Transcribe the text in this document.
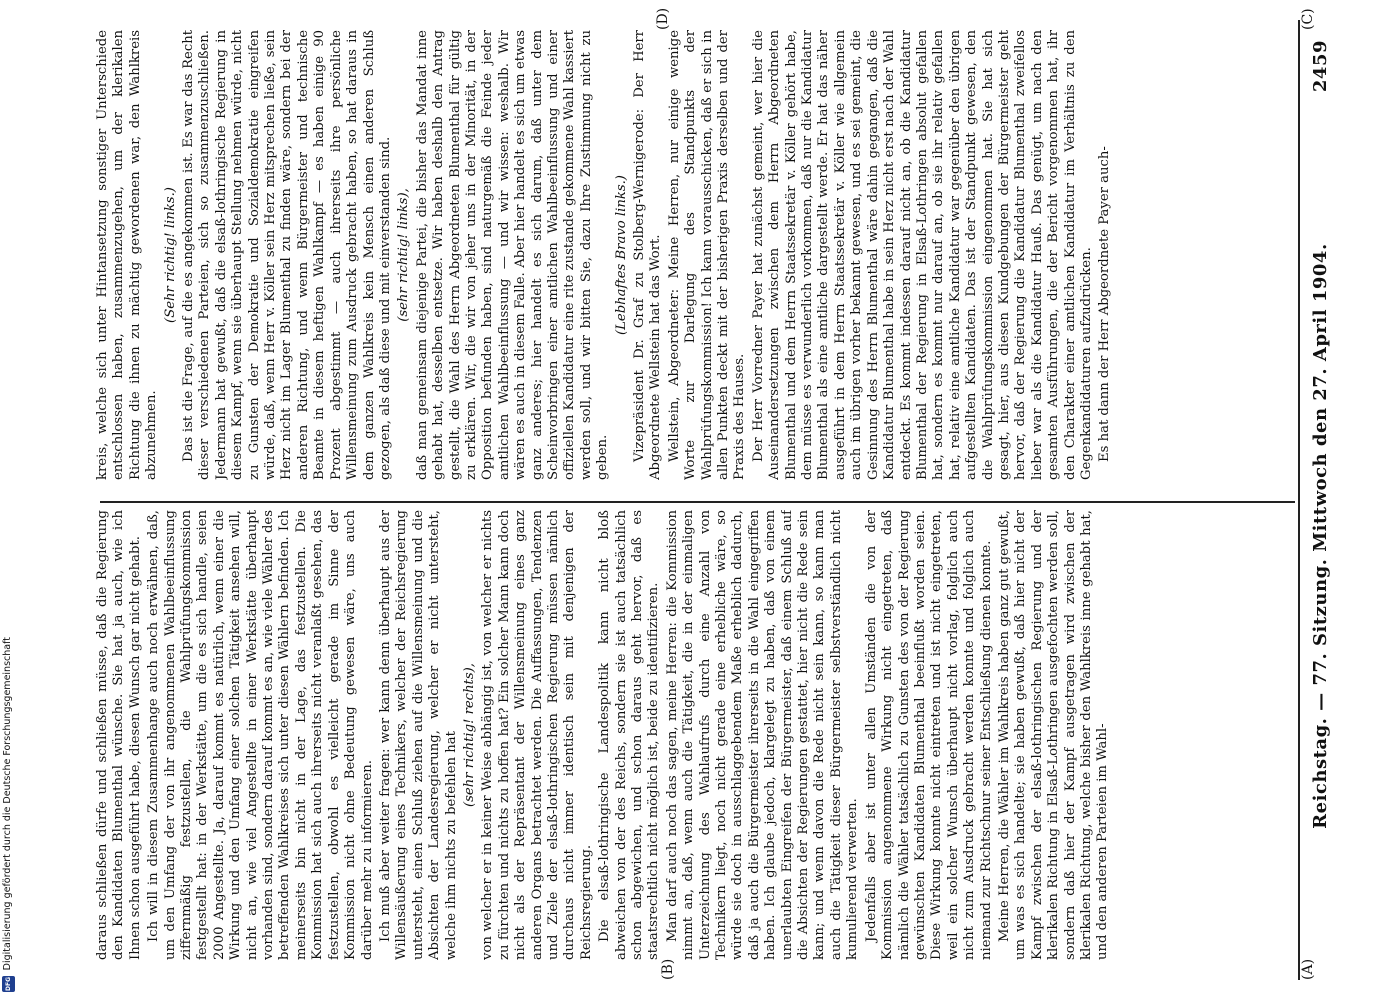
Reichstag. — 77. Sitzung. Mittwoch den 27. April 1904.
2459
(A)
(B)
(C)
(D)

daraus schließen dürfe und schließen müsse, daß die Regierung den Kandidaten Blumenthal wünsche. Sie hat ja auch, wie ich Ihnen schon ausgeführt habe, diesen Wunsch gar nicht gehabt. Ich will in diesem Zusammenhange auch noch erwähnen, daß, um den Umfang der von ihr angenommenen Wahlbeeinflussung ziffernmäßig festzustellen, die Wahlprüfungskommission festgestellt hat: in der Werkstätte, um die es sich handle, seien 2000 Angestellte. Ja, darauf kommt es natürlich, wenn einer die Wirkung und den Umfang einer solchen Tätigkeit ansehen will, nicht an, wie viel Angestellte in einer Werkstätte überhaupt vorhanden sind, sondern darauf kommt es an, wie viele Wähler des betreffenden Wahlkreises sich unter diesen Wählern befinden. Ich meinerseits bin nicht in der Lage, das festzustellen. Die Kommission hat sich auch ihrerseits nicht veranlaßt gesehen, das festzustellen, obwohl es vielleicht gerade im Sinne der Kommission nicht ohne Bedeutung gewesen wäre, uns auch darüber mehr zu informieren. Ich muß aber weiter fragen: wer kann denn überhaupt aus der Willensäußerung eines Technikers, welcher der Reichsregierung untersteht, einen Schluß ziehen auf die Willensmeinung und die Absichten der Landesregierung, welcher er nicht untersteht, welche ihm nichts zu befehlen hat (sehr richtig! rechts), von welcher er in keiner Weise abhängig ist, von welcher er nichts zu fürchten und nichts zu hoffen hat? Ein solcher Mann kann doch nicht als der Repräsentant der Willensmeinung eines ganz anderen Organs betrachtet werden. Die Auffassungen, Tendenzen und Ziele der elsaß-lothringischen Regierung müssen nämlich durchaus nicht immer identisch sein mit denjenigen der Reichsregierung. Die elsaß-lothringische Landespolitik kann nicht bloß abweichen von der des Reichs, sondern sie ist auch tatsächlich schon abgewichen, und schon daraus geht hervor, daß es staatsrechtlich nicht möglich ist, beide zu identifizieren. Man darf auch noch das sagen, meine Herren: die Kommission nimmt an, daß, wenn auch die Tätigkeit, die in der einmaligen Unterzeichnung des Wahlaufrufs durch eine Anzahl von Technikern liegt, noch nicht gerade eine erhebliche wäre, so würde sie doch in ausschlaggebendem Maße erheblich dadurch, daß ja auch die Bürgermeister ihrerseits in die Wahl eingegriffen haben. Ich glaube jedoch, klargelegt zu haben, daß von einem unerlaubten Eingreifen der Bürgermeister, daß einem Schluß auf die Absichten der Regierungen gestattet, hier nicht die Rede sein kann; und wenn davon die Rede nicht sein kann, so kann man auch die Tätigkeit dieser Bürgermeister selbstverständlich nicht kumulierend verwerten. Jedenfalls aber ist unter allen Umständen die von der Kommission angenommene Wirkung nicht eingetreten, daß nämlich die Wähler tatsächlich zu Gunsten des von der Regierung gewünschten Kandidaten Blumenthal beeinflußt worden seien. Diese Wirkung konnte nicht eintreten und ist nicht eingetreten, weil ein solcher Wunsch überhaupt nicht vorlag, folglich auch nicht zum Ausdruck gebracht werden konnte und folglich auch niemand zur Richtschnur seiner Entschließung dienen konnte. Meine Herren, die Wähler im Wahlkreis haben ganz gut gewußt, um was es sich handelte; sie haben gewußt, daß hier nicht der Kampf zwischen der elsaß-lothringischen Regierung und der klerikalen Richtung in Elsaß-Lothringen ausgefochten werden soll, sondern daß hier der Kampf ausgetragen wird zwischen der klerikalen Richtung, welche bisher den Wahlkreis inne gehabt hat, und den anderen Parteien im Wahl-

kreis, welche sich unter Hintansetzung sonstiger Unterschiede entschlossen haben, zusammenzugehen, um der klerikalen Richtung die ihnen zu mächtig gewordenen war, den Wahlkreis abzunehmen.

(Sehr richtig! links.) Das ist die Frage, auf die es angekommen ist. Es war das Recht dieser verschiedenen Parteien, sich so zusammenzuschließen. Jedermann hat gewußt, daß die elsaß-lothringische Regierung in diesem Kampf, wenn sie überhaupt Stellung nehmen würde, nicht zu Gunsten der Demokratie und Sozialdemokratie eingreifen würde, daß, wenn Herr v. Köller sein Herz mitsprechen ließe, sein Herz nicht im Lager Blumenthal zu finden wäre, sondern bei der anderen Richtung, und wenn Bürgermeister und technische Beamte in diesem heftigen Wahlkampf — es haben einige 90 Prozent abgestimmt — auch ihrerseits ihre persönliche Willensmeinung zum Ausdruck gebracht haben, so hat daraus in dem ganzen Wahlkreis kein Mensch einen anderen Schluß gezogen, als daß diese und mit einverstanden sind. (sehr richtig! links), daß man gemeinsam diejenige Partei, die bisher das Mandat inne gehabt hat, desselben entsetze. Wir haben deshalb den Antrag gestellt, die Wahl des Herrn Abgeordneten Blumenthal für gültig zu erklären. Wir, die wir von jeher uns in der Minorität, in der Opposition befunden haben, sind naturgemäß die Feinde jeder amtlichen Wahlbeeinflussung — und wir wissen: weshalb. Wir wären es auch in diesem Falle. Aber hier handelt es sich um etwas ganz anderes; hier handelt es sich darum, daß unter dem Scheinvorbringen einer amtlichen Wahlbeeinflussung und einer offiziellen Kandidatur eine rite zustande gekommene Wahl kassiert werden soll, und wir bitten Sie, dazu Ihre Zustimmung nicht zu geben.

(Lebhaftes Bravo links.) Vizepräsident Dr. Graf zu Stolberg-Wernigerode: Der Herr Abgeordnete Wellstein hat das Wort. Wellstein, Abgeordneter: Meine Herren, nur einige wenige Worte zur Darlegung des Standpunkts der Wahlprüfungskommission! Ich kann vorausschicken, daß er sich in allen Punkten deckt mit der bisherigen Praxis derselben und der Praxis des Hauses. Der Herr Vorredner Payer hat zunächst gemeint, wer hier die Auseinandersetzungen zwischen dem Herrn Abgeordneten Blumenthal und dem Herrn Staatssekretär v. Köller gehört habe, dem müsse es verwunderlich vorkommen, daß nur die Kandidatur Blumenthal als eine amtliche dargestellt werde. Er hat das näher ausgeführt in dem Herrn Staatssekretär v. Köller wie allgemein auch im übrigen vorher bekannt gewesen, und es sei gemeint, die Gesinnung des Herrn Blumenthal wäre dahin gegangen, daß die Kandidatur Blumenthal habe in sein Herz nicht erst nach der Wahl entdeckt. Es kommt indessen darauf nicht an, ob die Kandidatur Blumenthal der Regierung in Elsaß-Lothringen absolut gefallen hat, sondern es kommt nur darauf an, ob sie ihr relativ gefallen hat, relativ eine amtliche Kandidatur war gegenüber den übrigen aufgestellten Kandidaten. Das ist der Standpunkt gewesen, den die Wahlprüfungskommission eingenommen hat. Sie hat sich gesagt, hier, aus diesen Kundgebungen der Bürgermeister geht hervor, daß der Regierung die Kandidatur Blumenthal zweifellos lieber war als die Kandidatur Hauß. Das genügt, um nach den gesamten Ausführungen, die der Bericht vorgenommen hat, ihr den Charakter einer amtlichen Kandidatur im Verhältnis zu den Gegenkandidaturen aufzudrücken. Es hat dann der Herr Abgeordnete Payer auch-

Digitalisierung gefördert durch die Deutsche Forschungsgemeinschaft
DFG
